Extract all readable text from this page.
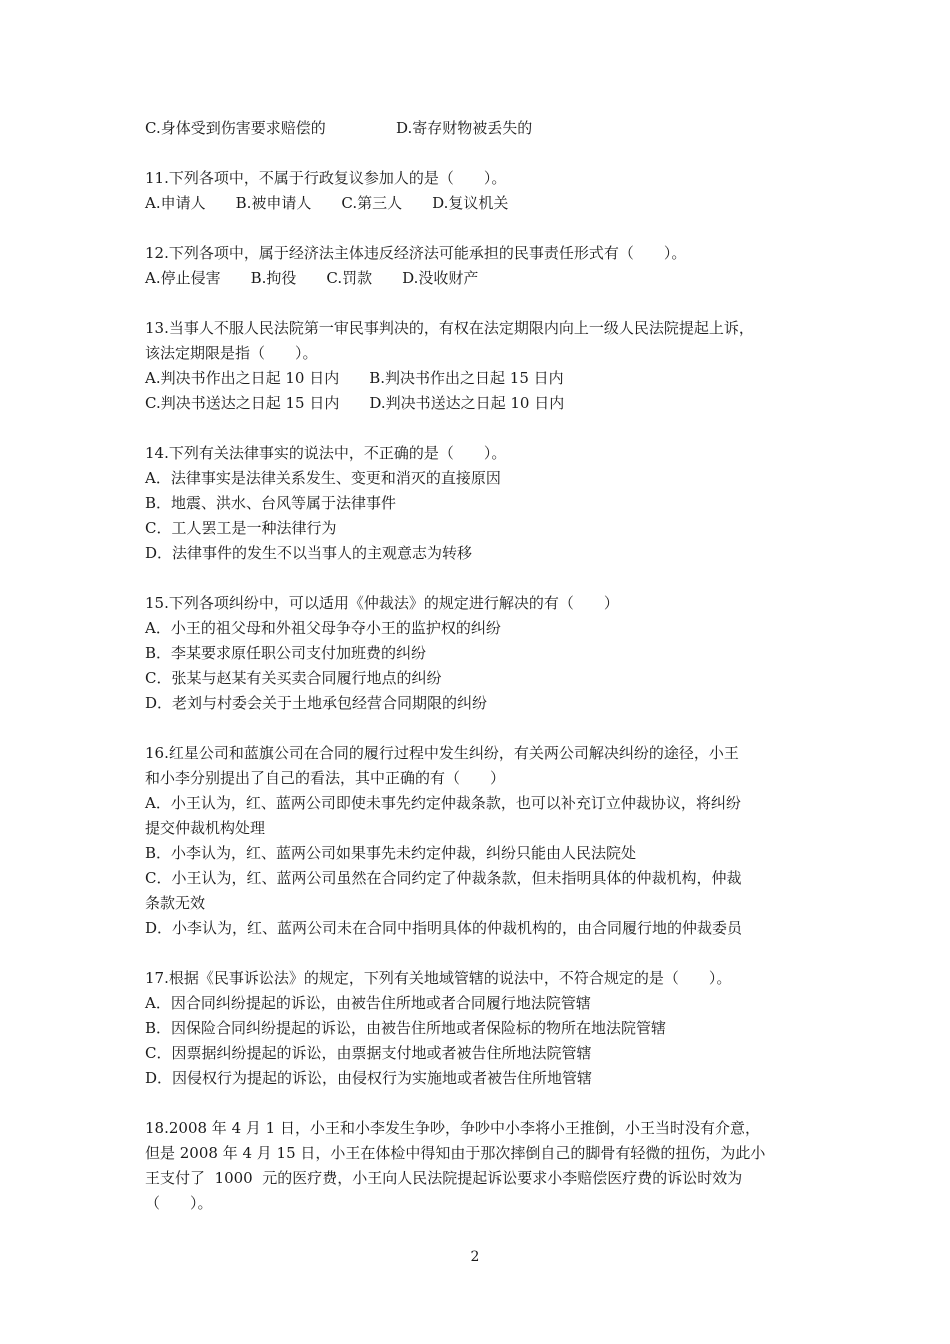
C.身体受到伤害要求赔偿的	D.寄存财物被丢失的
11.下列各项中，不属于行政复议参加人的是（　　）。
A.申请人　　B.被申请人　　C.第三人　　D.复议机关
12.下列各项中，属于经济法主体违反经济法可能承担的民事责任形式有（　　）。
A.停止侵害　　B.拘役　　C.罚款　　D.没收财产
13.当事人不服人民法院第一审民事判决的，有权在法定期限内向上一级人民法院提起上诉，
该法定期限是指（　　）。
A.判决书作出之日起 10 日内　　B.判决书作出之日起 15 日内
C.判决书送达之日起 15 日内　　D.判决书送达之日起 10 日内
14.下列有关法律事实的说法中，不正确的是（　　）。
A．法律事实是法律关系发生、变更和消灭的直接原因
B．地震、洪水、台风等属于法律事件
C．工人罢工是一种法律行为
D．法律事件的发生不以当事人的主观意志为转移
15.下列各项纠纷中，可以适用《仲裁法》的规定进行解决的有（　　）
A．小王的祖父母和外祖父母争夺小王的监护权的纠纷
B．李某要求原任职公司支付加班费的纠纷
C．张某与赵某有关买卖合同履行地点的纠纷
D．老刘与村委会关于土地承包经营合同期限的纠纷
16.红星公司和蓝旗公司在合同的履行过程中发生纠纷，有关两公司解决纠纷的途径，小王
和小李分别提出了自己的看法，其中正确的有（　　）
A．小王认为，红、蓝两公司即使未事先约定仲裁条款，也可以补充订立仲裁协议，将纠纷
提交仲裁机构处理
B．小李认为，红、蓝两公司如果事先未约定仲裁，纠纷只能由人民法院处
C．小王认为，红、蓝两公司虽然在合同约定了仲裁条款，但未指明具体的仲裁机构，仲裁
条款无效
D．小李认为，红、蓝两公司未在合同中指明具体的仲裁机构的，由合同履行地的仲裁委员
17.根据《民事诉讼法》的规定，下列有关地域管辖的说法中，不符合规定的是（　　）。
A．因合同纠纷提起的诉讼，由被告住所地或者合同履行地法院管辖
B．因保险合同纠纷提起的诉讼，由被告住所地或者保险标的物所在地法院管辖
C．因票据纠纷提起的诉讼，由票据支付地或者被告住所地法院管辖
D．因侵权行为提起的诉讼，由侵权行为实施地或者被告住所地管辖
18.2008 年 4 月 1 日，小王和小李发生争吵，争吵中小李将小王推倒，小王当时没有介意，
但是 2008 年 4 月 15 日，小王在体检中得知由于那次摔倒自己的脚骨有轻微的扭伤，为此小
王支付了  1000  元的医疗费，小王向人民法院提起诉讼要求小李赔偿医疗费的诉讼时效为
（　　）。
2
